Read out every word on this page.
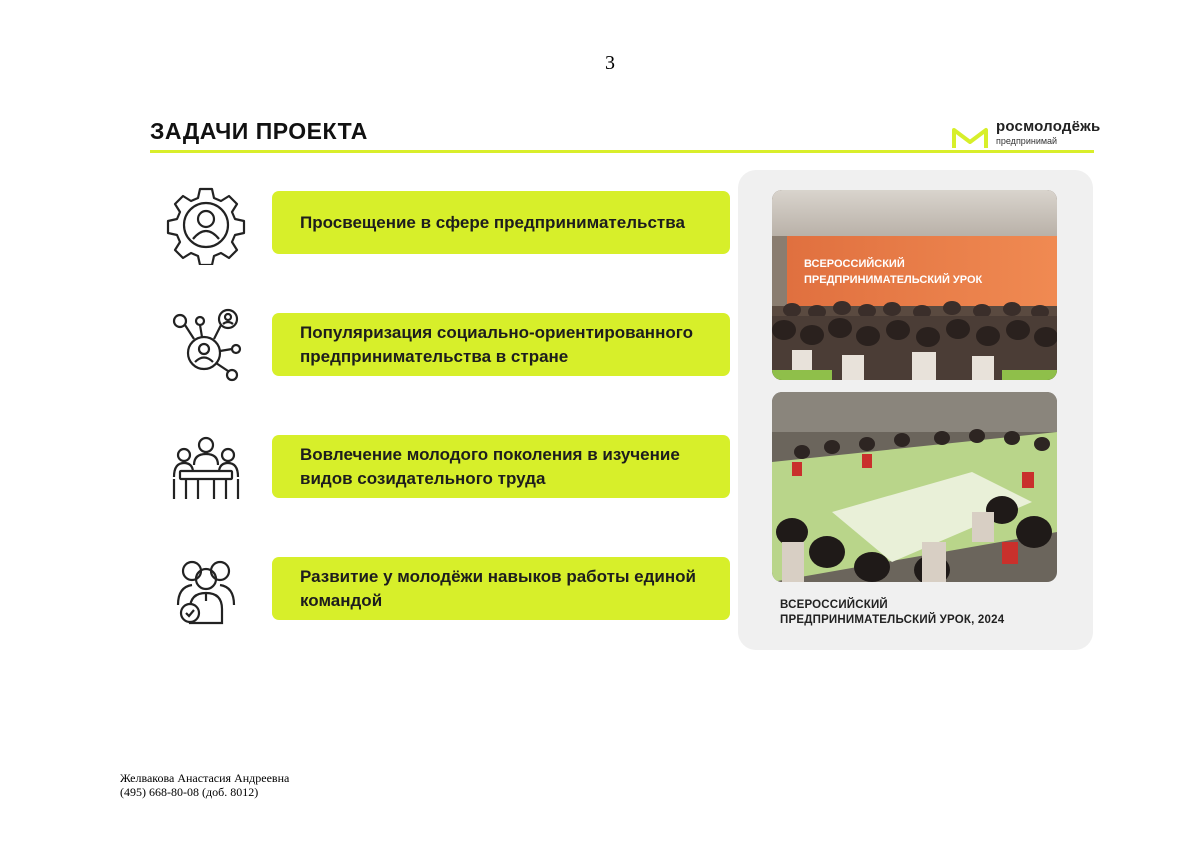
3
ЗАДАЧИ ПРОЕКТА	росмолодёжь
предпринимай
Просвещение в сфере предпринимательства
Популяризация социально-ориентированного предпринимательства в стране
Вовлечение молодого поколения в изучение видов созидательного труда
Развитие у молодёжи навыков работы единой командой
ВСЕРОССИЙСКИЙ
ПРЕДПРИНИМАТЕЛЬСКИЙ УРОК
ВСЕРОССИЙСКИЙ
ПРЕДПРИНИМАТЕЛЬСКИЙ УРОК, 2024
Желвакова Анастасия Андреевна
(495) 668-80-08 (доб. 8012)
